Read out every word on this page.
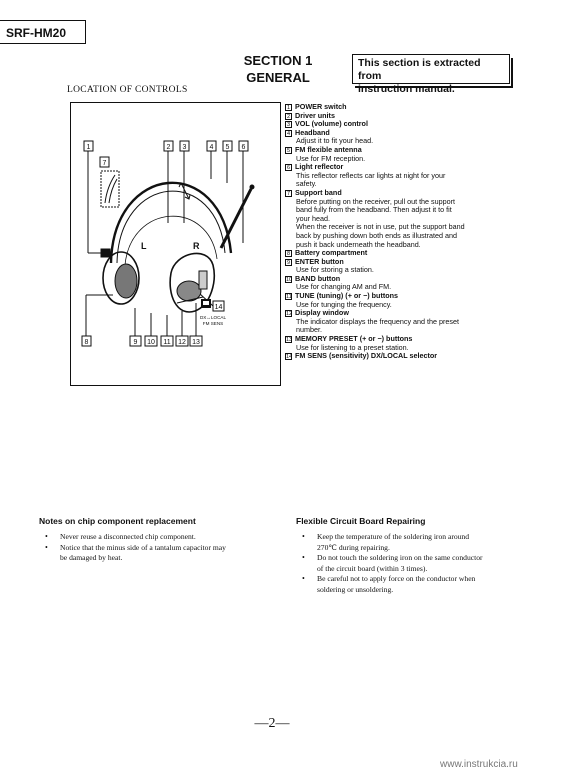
SRF-HM20
SECTION 1
GENERAL
This section is extracted from
instruction manual.
LOCATION OF CONTROLS
1	2 3	4 5 6
7
8	9 10 11 12 13
14
L	R
DX↔LOCAL
FM SENS
1 POWER switch
2 Driver units
3 VOL (volume) control
4 Headband
Adjust it to fit your head.
5 FM flexible antenna
Use for FM reception.
6 Light reflector
This reflector reflects car lights at night for your
safety.
7 Support band
Before putting on the receiver, pull out the support
band fully from the headband. Then adjust it to fit
your head.
When the receiver is not in use, put the support band
back by pushing down both ends as illustrated and
push it back underneath the headband.
8 Battery compartment
9 ENTER button
Use for storing a station.
10 BAND button
Use for changing AM and FM.
11 TUNE (tuning) (+ or −) buttons
Use for tunging the frequency.
12 Display window
The indicator displays the frequency and the preset
number.
13 MEMORY PRESET (+ or −) buttons
Use for listening to a preset station.
14 FM SENS (sensitivity) DX/LOCAL selector
Notes on chip component replacement
• Never reuse a disconnected chip component.
• Notice that the minus side of a tantalum capacitor may
be damaged by heat.
Flexible Circuit Board Repairing
• Keep the temperature of the soldering iron around
270℃ during repairing.
• Do not touch the soldering iron on the same conductor
of the circuit board (within 3 times).
• Be careful not to apply force on the conductor when
soldering or unsoldering.
—2—
www.instrukcia.ru
